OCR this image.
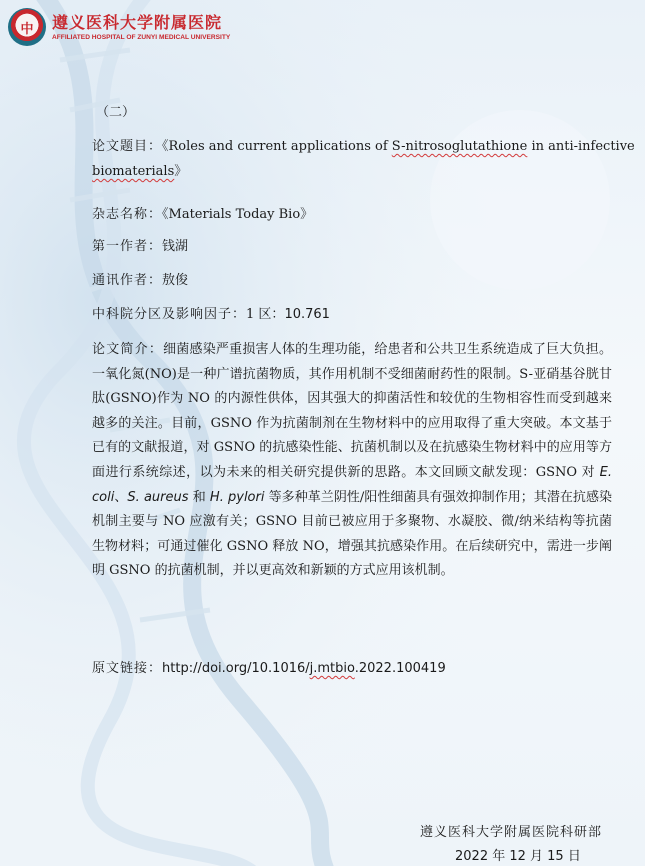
中 遵义医科大学附属医院
AFFILIATED HOSPITAL OF ZUNYI MEDICAL UNIVERSITY
（二）
论文题目：《Roles and current applications of S-nitrosoglutathione in anti-infective
biomaterials》
杂志名称：《Materials Today Bio》
第一作者：钱湖
通讯作者：敖俊
中科院分区及影响因子：1 区：10.761

论文简介：细菌感染严重损害人体的生理功能，给患者和公共卫生系统造成了巨大负担。一氧化氮(NO)是一种广谱抗菌物质，其作用机制不受细菌耐药性的限制。S-亚硝基谷胱甘肽(GSNO)作为 NO 的内源性供体，因其强大的抑菌活性和较优的生物相容性而受到越来越多的关注。目前，GSNO 作为抗菌制剂在生物材料中的应用取得了重大突破。本文基于已有的文献报道，对 GSNO 的抗感染性能、抗菌机制以及在抗感染生物材料中的应用等方面进行系统综述，以为未来的相关研究提供新的思路。本文回顾文献发现：GSNO 对 E. coli、S. aureus 和 H. pylori 等多种革兰阴性/阳性细菌具有强效抑制作用；其潜在抗感染机制主要与 NO 应激有关；GSNO 目前已被应用于多聚物、水凝胶、微/纳米结构等抗菌生物材料；可通过催化 GSNO 释放 NO，增强其抗感染作用。在后续研究中，需进一步阐明 GSNO 的抗菌机制，并以更高效和新颖的方式应用该机制。

原文链接：http://doi.org/10.1016/j.mtbio.2022.100419
遵义医科大学附属医院科研部
2022 年 12 月 15 日
